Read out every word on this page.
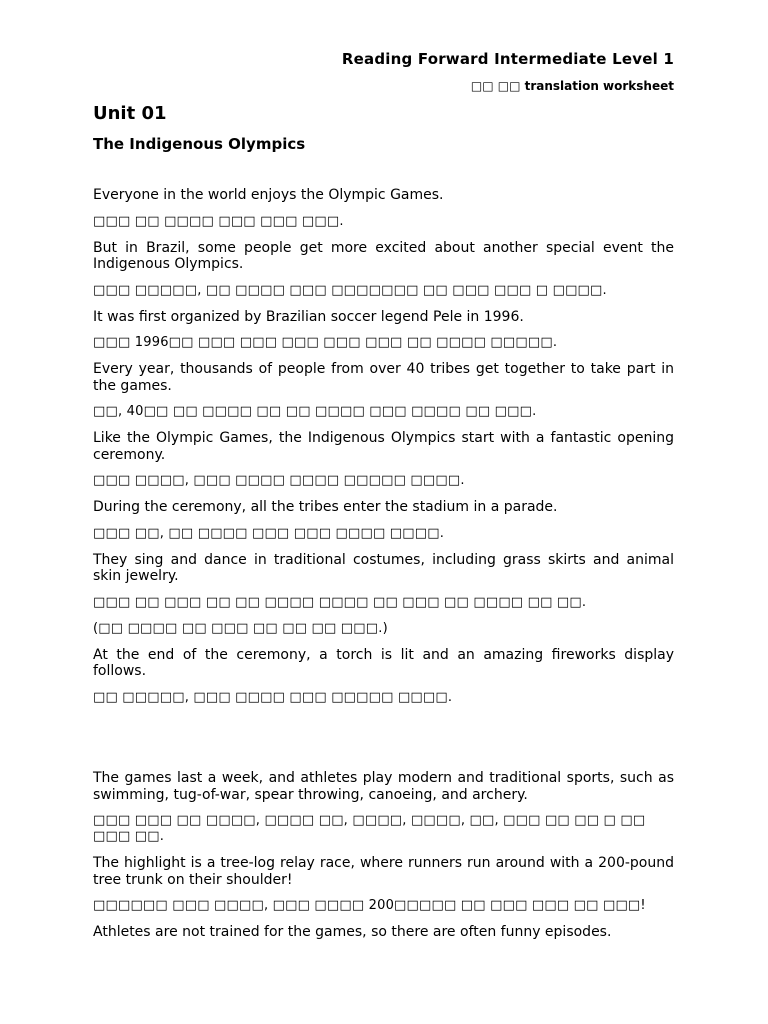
Reading Forward Intermediate Level 1
□□ □□ translation worksheet
Unit 01
The Indigenous Olympics

Everyone in the world enjoys the Olympic Games.

□□□ □□ □□□□ □□□ □□□ □□□.

But in Brazil, some people get more excited about another special event the Indigenous Olympics.

□□□ □□□□□, □□ □□□□ □□□ □□□□□□□ □□ □□□ □□□ □ □□□□.

It was first organized by Brazilian soccer legend Pele in 1996.

□□□ 1996□□ □□□ □□□ □□□ □□□ □□□ □□ □□□□ □□□□□.

Every year, thousands of people from over 40 tribes get together to take part in the games.

□□, 40□□ □□ □□□□ □□ □□ □□□□ □□□ □□□□ □□ □□□.

Like the Olympic Games, the Indigenous Olympics start with a fantastic opening ceremony.

□□□ □□□□, □□□ □□□□ □□□□ □□□□□ □□□□.

During the ceremony, all the tribes enter the stadium in a parade.

□□□ □□, □□ □□□□ □□□ □□□ □□□□ □□□□.

They sing and dance in traditional costumes, including grass skirts and animal skin jewelry.

□□□ □□ □□□ □□ □□ □□□□ □□□□ □□ □□□ □□ □□□□ □□ □□.

(□□ □□□□ □□ □□□ □□ □□ □□ □□□.)

At the end of the ceremony, a torch is lit and an amazing fireworks display follows.

□□ □□□□□, □□□ □□□□ □□□ □□□□□ □□□□.

The games last a week, and athletes play modern and traditional sports, such as swimming, tug-of-war, spear throwing, canoeing, and archery.

□□□ □□□ □□ □□□□, □□□□ □□, □□□□, □□□□, □□, □□□ □□ □□ □ □□ □□□ □□.

The highlight is a tree-log relay race, where runners run around with a 200-pound tree trunk on their shoulder!

□□□□□□ □□□ □□□□, □□□ □□□□ 200□□□□□ □□ □□□ □□□ □□ □□□!

Athletes are not trained for the games, so there are often funny episodes.
